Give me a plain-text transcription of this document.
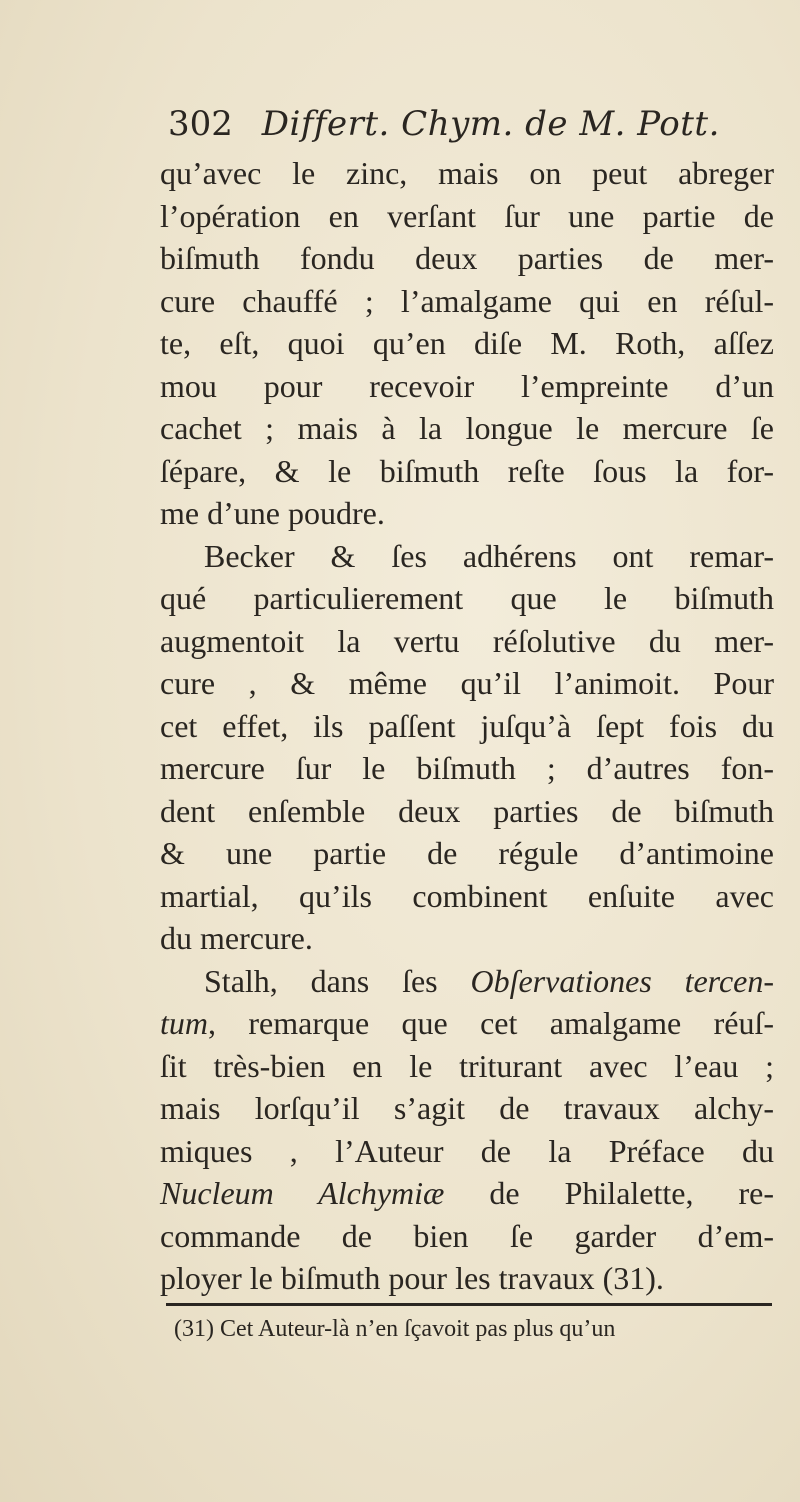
302 Differt. Chym. de M. Pott.
qu’avec le zinc, mais on peut abreger
l’opération en verſant ſur une partie de
biſmuth fondu deux parties de mer-
cure chauffé ; l’amalgame qui en réſul-
te, eſt, quoi qu’en diſe M. Roth, aſſez
mou pour recevoir l’empreinte d’un
cachet ; mais à la longue le mercure ſe
ſépare, & le biſmuth reſte ſous la for-
me d’une poudre.
Becker & ſes adhérens ont remar-
qué particulierement que le biſmuth
augmentoit la vertu réſolutive du mer-
cure , & même qu’il l’animoit. Pour
cet effet, ils paſſent juſqu’à ſept fois du
mercure ſur le biſmuth ; d’autres fon-
dent enſemble deux parties de biſmuth
& une partie de régule d’antimoine
martial, qu’ils combinent enſuite avec
du mercure.
Stalh, dans ſes Obſervationes tercen-
tum, remarque que cet amalgame réuſ-
ſit très-bien en le triturant avec l’eau ;
mais lorſqu’il s’agit de travaux alchy-
miques , l’Auteur de la Préface du
Nucleum Alchymiæ de Philalette, re-
commande de bien ſe garder d’em-
ployer le biſmuth pour les travaux (31).
(31) Cet Auteur-là n’en ſçavoit pas plus qu’un
